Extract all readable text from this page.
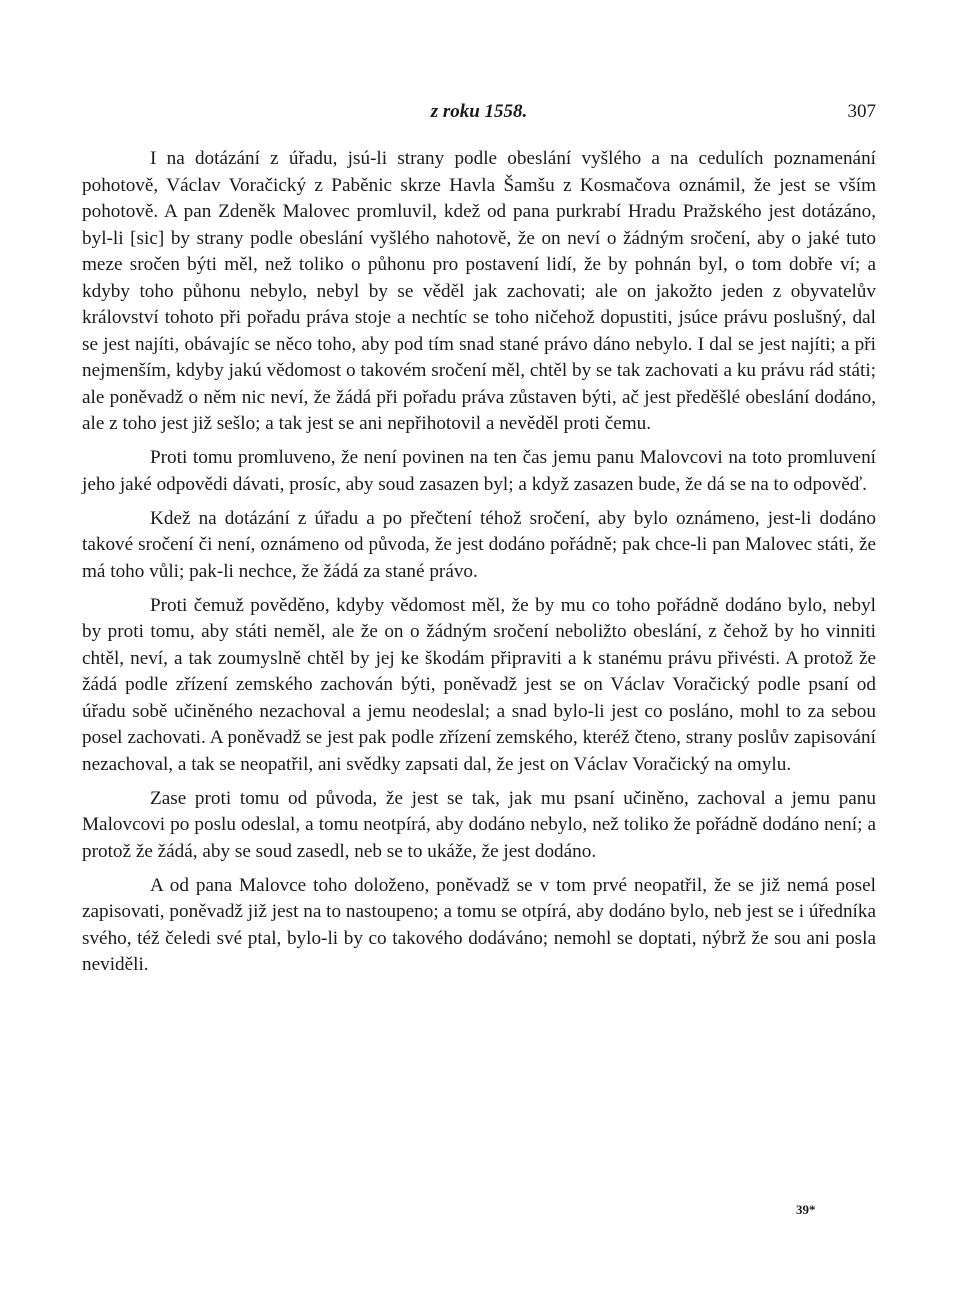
z roku 1558.	307

I na dotázání z úřadu, jsú-li strany podle obeslání vyšlého a na cedulích poznamenání pohotově, Václav Voračický z Paběnic skrze Havla Šamšu z Kosmačova oznámil, že jest se vším pohotově. A pan Zdeněk Malovec promluvil, kdež od pana purkrabí Hradu Pražského jest dotázáno, byl-li [sic] by strany podle obeslání vyšlého nahotově, že on neví o žádným sročení, aby o jaké tuto meze sročen býti měl, než toliko o půhonu pro postavení lidí, že by pohnán byl, o tom dobře ví; a kdyby toho půhonu nebylo, nebyl by se věděl jak zachovati; ale on jakožto jeden z obyvatelův království tohoto při pořadu práva stoje a nechtíc se toho ničehož dopustiti, jsúce právu poslušný, dal se jest najíti, obávajíc se něco toho, aby pod tím snad stané právo dáno nebylo. I dal se jest najíti; a při nejmenším, kdyby jakú vědomost o takovém sročení měl, chtěl by se tak zachovati a ku právu rád státi; ale poněvadž o něm nic neví, že žádá při pořadu práva zůstaven býti, ač jest předěšlé obeslání dodáno, ale z toho jest již sešlo; a tak jest se ani nepřihotovil a nevěděl proti čemu.

Proti tomu promluveno, že není povinen na ten čas jemu panu Malovcovi na toto promluvení jeho jaké odpovědi dávati, prosíc, aby soud zasazen byl; a když zasazen bude, že dá se na to odpověď.

Kdež na dotázání z úřadu a po přečtení téhož sročení, aby bylo oznámeno, jest-li dodáno takové sročení či není, oznámeno od původa, že jest dodáno pořádně; pak chce-li pan Malovec státi, že má toho vůli; pak-li nechce, že žádá za stané právo.

Proti čemuž pověděno, kdyby vědomost měl, že by mu co toho pořádně dodáno bylo, nebyl by proti tomu, aby státi neměl, ale že on o žádným sročení neboližto obeslání, z čehož by ho vinniti chtěl, neví, a tak zoumyslně chtěl by jej ke škodám připraviti a k stanému právu přivésti. A protož že žádá podle zřízení zemského zachován býti, poněvadž jest se on Václav Voračický podle psaní od úřadu sobě učiněného nezachoval a jemu neodeslal; a snad bylo-li jest co posláno, mohl to za sebou posel zachovati. A poněvadž se jest pak podle zřízení zemského, kteréž čteno, strany poslův zapisování nezachoval, a tak se neopatřil, ani svědky zapsati dal, že jest on Václav Voračický na omylu.

Zase proti tomu od původa, že jest se tak, jak mu psaní učiněno, zachoval a jemu panu Malovcovi po poslu odeslal, a tomu neotpírá, aby dodáno nebylo, než toliko že pořádně dodáno není; a protož že žádá, aby se soud zasedl, neb se to ukáže, že jest dodáno.

A od pana Malovce toho doloženo, poněvadž se v tom prvé neopatřil, že se již nemá posel zapisovati, poněvadž již jest na to nastoupeno; a tomu se otpírá, aby dodáno bylo, neb jest se i úředníka svého, též čeledi své ptal, bylo-li by co takového dodáváno; nemohl se doptati, nýbrž že sou ani posla neviděli.

39*
